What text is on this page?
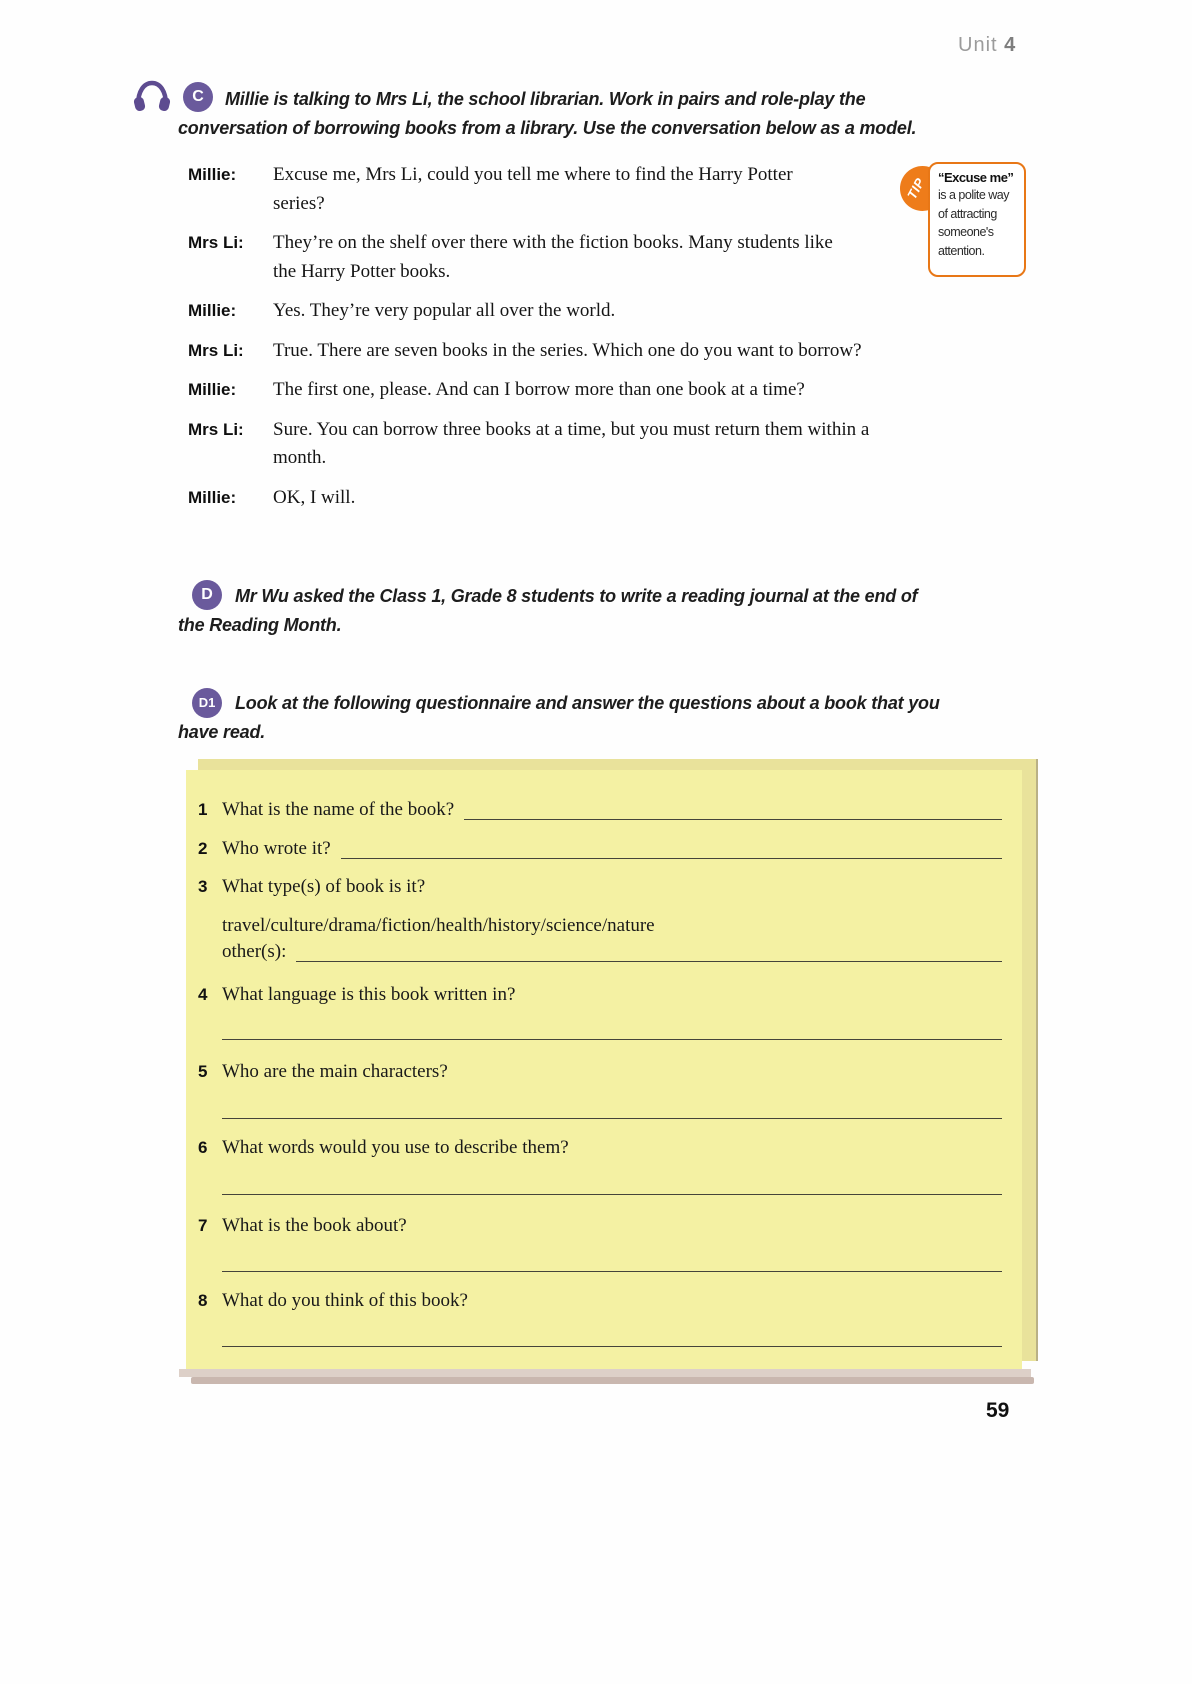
Unit 4
C	Millie is talking to Mrs Li, the school librarian. Work in pairs and role-play the
conversation of borrowing books from a library. Use the conversation below as a model.
Millie:	Excuse me, Mrs Li, could you tell me where to find the Harry Potter series?
Mrs Li:	They’re on the shelf over there with the fiction books. Many students like the Harry Potter books.
Millie:	Yes. They’re very popular all over the world.
Mrs Li:	True. There are seven books in the series. Which one do you want to borrow?
Millie:	The first one, please. And can I borrow more than one book at a time?
Mrs Li:	Sure. You can borrow three books at a time, but you must return them within a month.
Millie:	OK, I will.
TIP “Excuse me”
is a polite way of attracting someone's attention.
D	Mr Wu asked the Class 1, Grade 8 students to write a reading journal at the end of
the Reading Month.
D1	Look at the following questionnaire and answer the questions about a book that you
have read.
1 What is the name of the book?
2 Who wrote it?
3 What type(s) of book is it?
travel/culture/drama/fiction/health/history/science/nature
other(s):
4 What language is this book written in?
5 Who are the main characters?
6 What words would you use to describe them?
7 What is the book about?
8 What do you think of this book?
59
